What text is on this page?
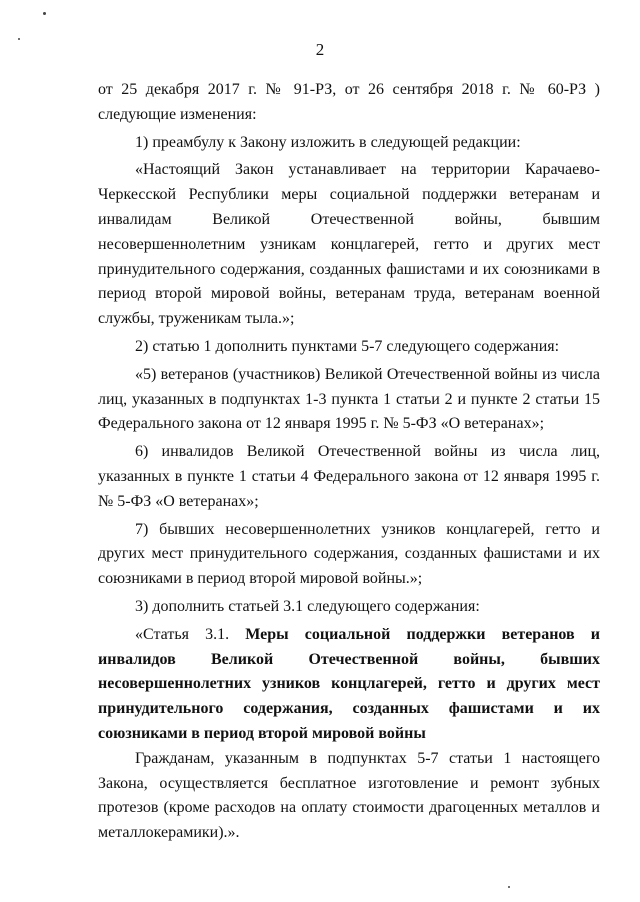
2

от 25 декабря 2017 г. № 91-РЗ, от 26 сентября 2018 г. № 60-РЗ ) следующие изменения:

1) преамбулу к Закону изложить в следующей редакции:

«Настоящий Закон устанавливает на территории Карачаево-Черкесской Республики меры социальной поддержки ветеранам и инвалидам Великой Отечественной войны, бывшим несовершеннолетним узникам концлагерей, гетто и других мест принудительного содержания, созданных фашистами и их союзниками в период второй мировой войны, ветеранам труда, ветеранам военной службы, труженикам тыла.»;

2) статью 1 дополнить пунктами 5-7 следующего содержания:

«5) ветеранов (участников) Великой Отечественной войны из числа лиц, указанных в подпунктах 1-3 пункта 1 статьи 2 и пункте 2 статьи 15 Федерального закона от 12 января 1995 г. № 5-ФЗ «О ветеранах»;

6) инвалидов Великой Отечественной войны из числа лиц, указанных в пункте 1 статьи 4 Федерального закона от 12 января 1995 г. № 5-ФЗ «О ветеранах»;

7) бывших несовершеннолетних узников концлагерей, гетто и других мест принудительного содержания, созданных фашистами и их союзниками в период второй мировой войны.»;

3) дополнить статьей 3.1 следующего содержания:

«Статья 3.1. Меры социальной поддержки ветеранов и инвалидов Великой Отечественной войны, бывших несовершеннолетних узников концлагерей, гетто и других мест принудительного содержания, созданных фашистами и их союзниками в период второй мировой войны

Гражданам, указанным в подпунктах 5-7 статьи 1 настоящего Закона, осуществляется бесплатное изготовление и ремонт зубных протезов (кроме расходов на оплату стоимости драгоценных металлов и металлокерамики).».
